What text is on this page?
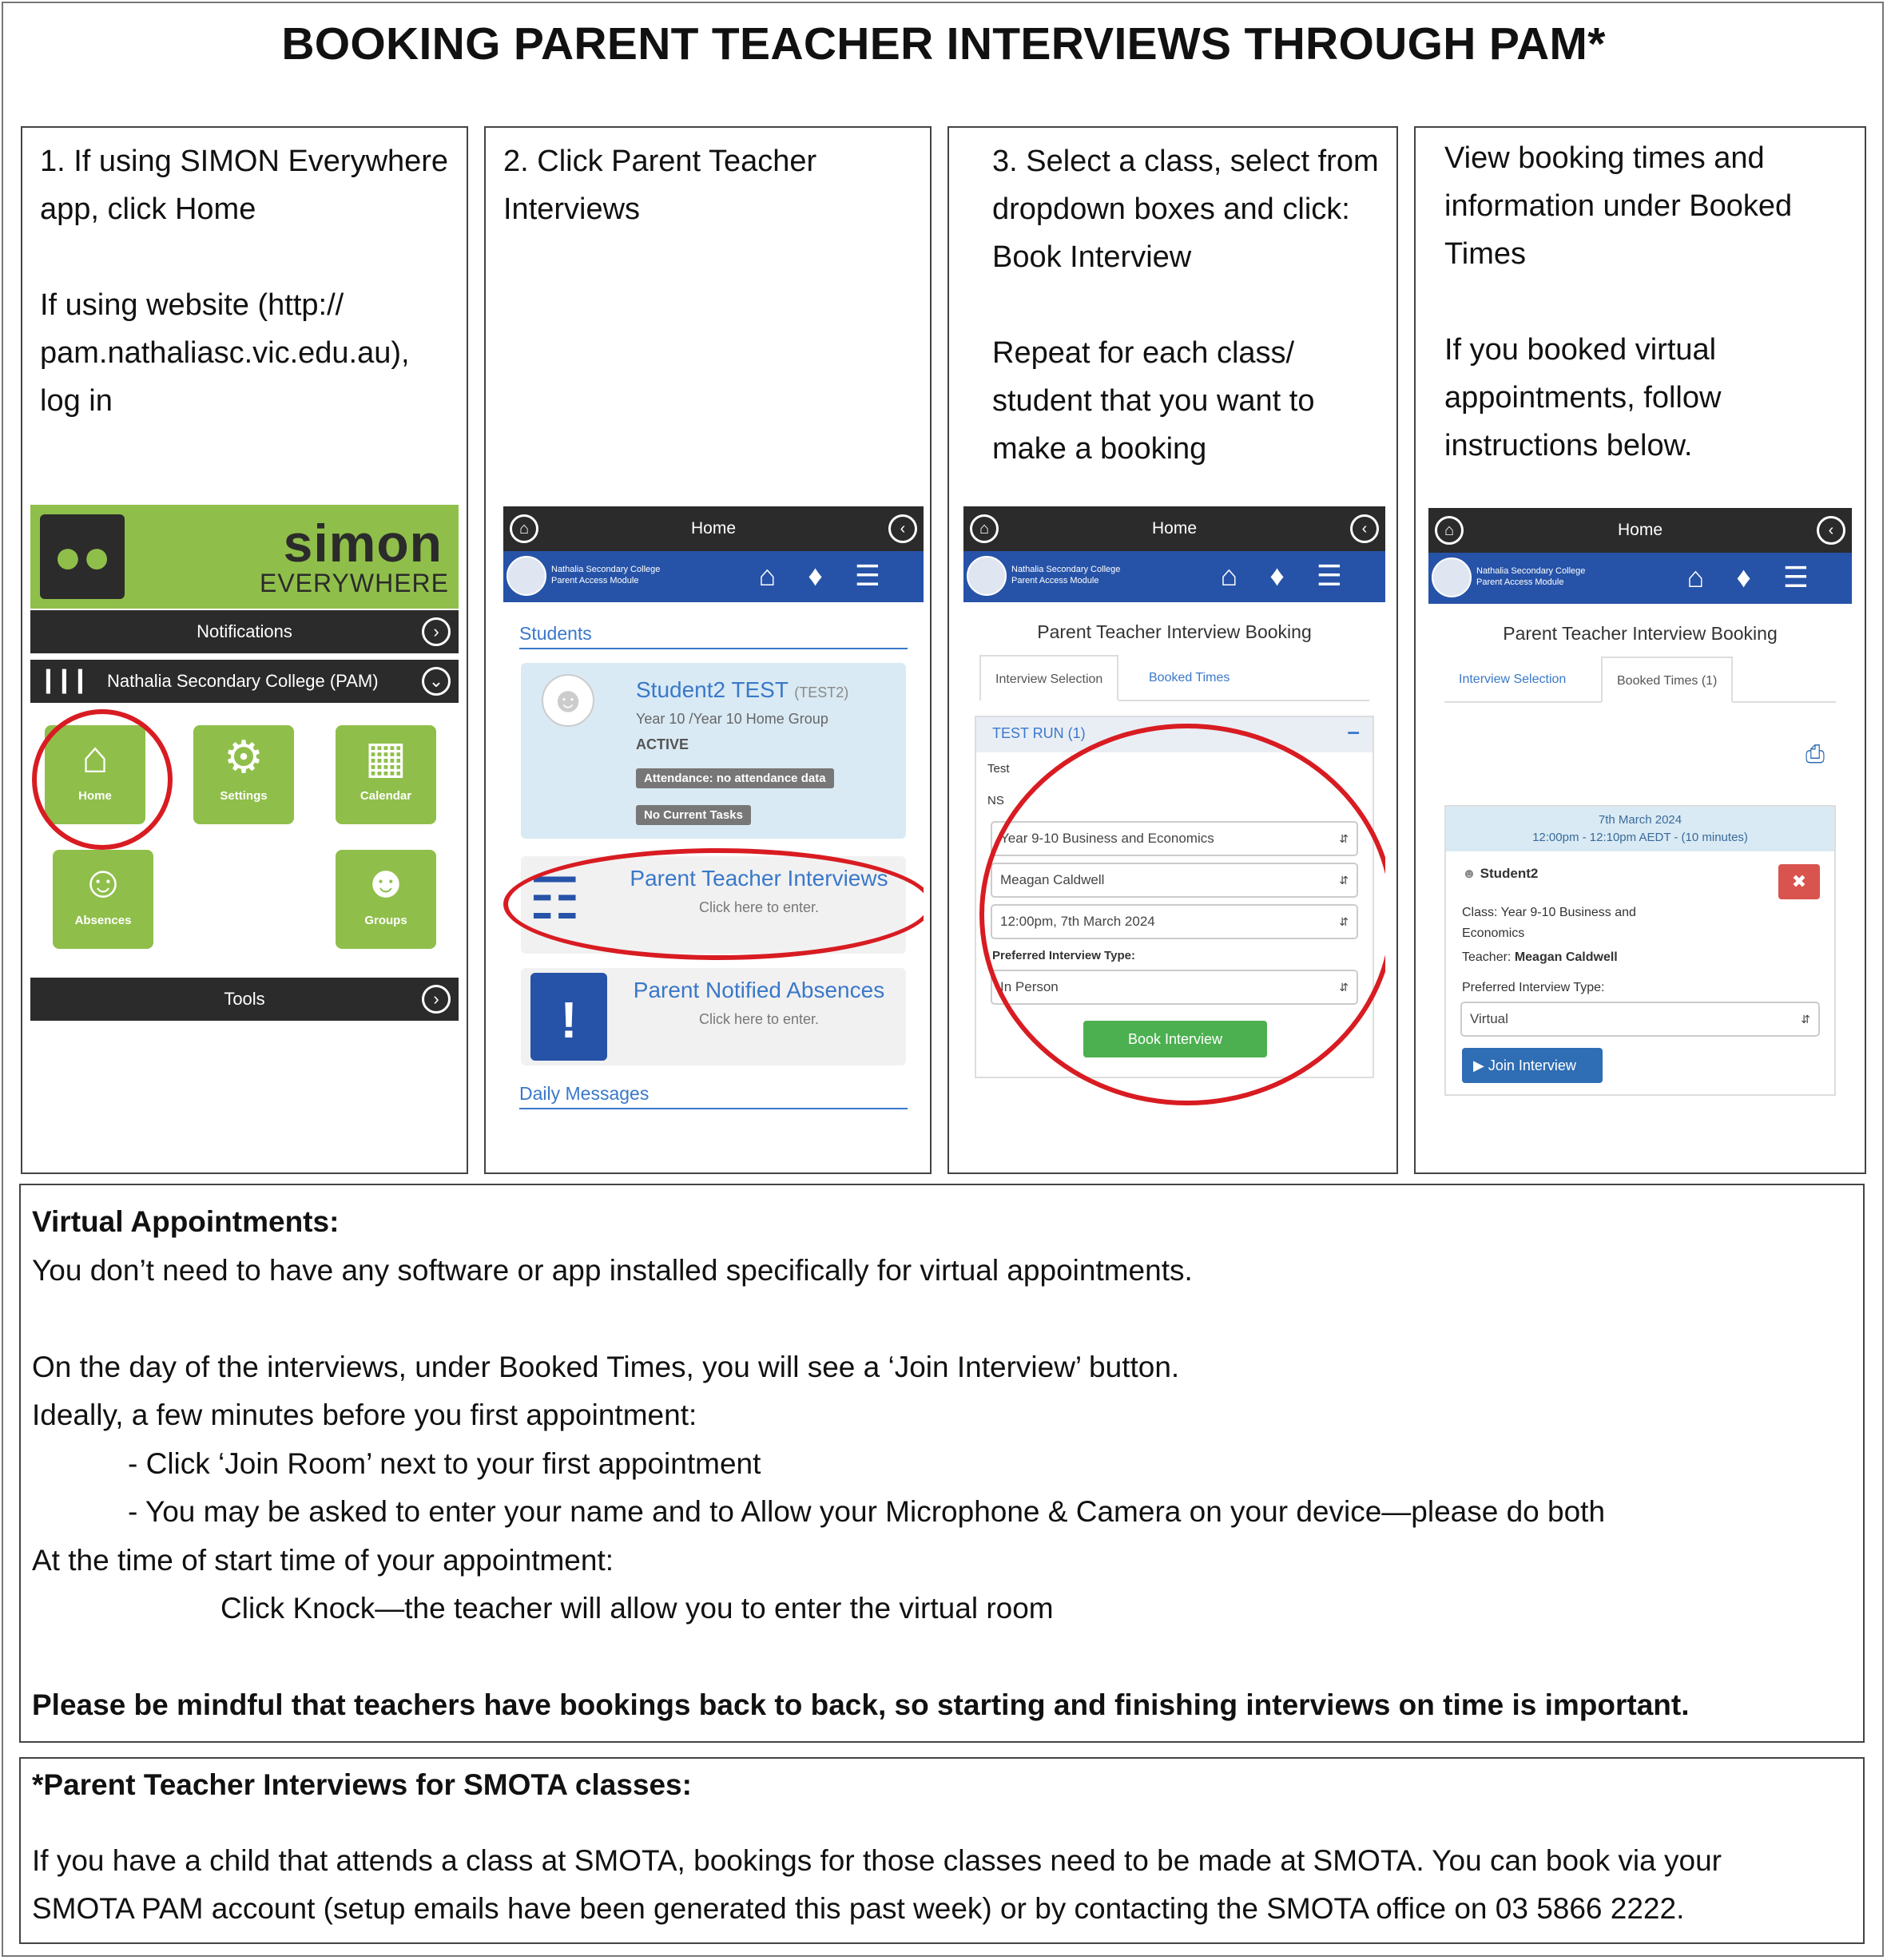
BOOKING PARENT TEACHER INTERVIEWS THROUGH PAM*
1. If using SIMON Everywhere
app, click Home

If using website (http://
pam.nathaliasc.vic.edu.au),
log in
●●	simon
EVERYWHERE
Notifications	›
▎▎▎ Nathalia Secondary College (PAM)	⌄
⌂
Home
⚙
Settings
▦
Calendar
☺
Absences
☻
Groups
Tools	›
2. Click Parent Teacher
Interviews
⌂	Home	‹
Nathalia Secondary College
Parent Access Module	⌂♦☰
Students
☻	Student2 TEST (TEST2)
Year 10 /Year 10 Home Group
ACTIVE
Attendance: no attendance data
No Current Tasks
☶	Parent Teacher Interviews
Click here to enter.
!
Parent Notified Absences
Click here to enter.
Daily Messages
3. Select a class, select from
dropdown boxes and click:
Book Interview

Repeat for each class/
student that you want to
make a booking
⌂	Home	‹
Nathalia Secondary College
Parent Access Module	⌂♦☰
Parent Teacher Interview Booking
Interview Selection	Booked Times
TEST RUN (1)	–
Test
NS
Year 9-10 Business and Economics	⇵
Meagan Caldwell	⇵
12:00pm, 7th March 2024	⇵
Preferred Interview Type:
In Person	⇵
Book Interview
View booking times and
information under Booked
Times

If you booked virtual
appointments, follow
instructions below.
⌂	Home	‹
Nathalia Secondary College
Parent Access Module	⌂♦☰
Parent Teacher Interview Booking
Interview Selection	Booked Times (1)
⎙
7th March 2024
12:00pm - 12:10pm AEDT - (10 minutes)
☻ Student2	✖
Class: Year 9-10 Business and Economics
Teacher: Meagan Caldwell
Preferred Interview Type:
Virtual	⇵
▶ Join Interview
Virtual Appointments:
You don’t need to have any software or app installed specifically for virtual appointments.
On the day of the interviews, under Booked Times, you will see a ‘Join Interview’ button.
Ideally, a few minutes before you first appointment:
- Click ‘Join Room’ next to your first appointment
- You may be asked to enter your name and to Allow your Microphone & Camera on your device—please do both
At the time of start time of your appointment:
Click Knock—the teacher will allow you to enter the virtual room
Please be mindful that teachers have bookings back to back, so starting and finishing interviews on time is important.
*Parent Teacher Interviews for SMOTA classes:
If you have a child that attends a class at SMOTA, bookings for those classes need to be made at SMOTA. You can book via your
SMOTA PAM account (setup emails have been generated this past week) or by contacting the SMOTA office on 03 5866 2222.
